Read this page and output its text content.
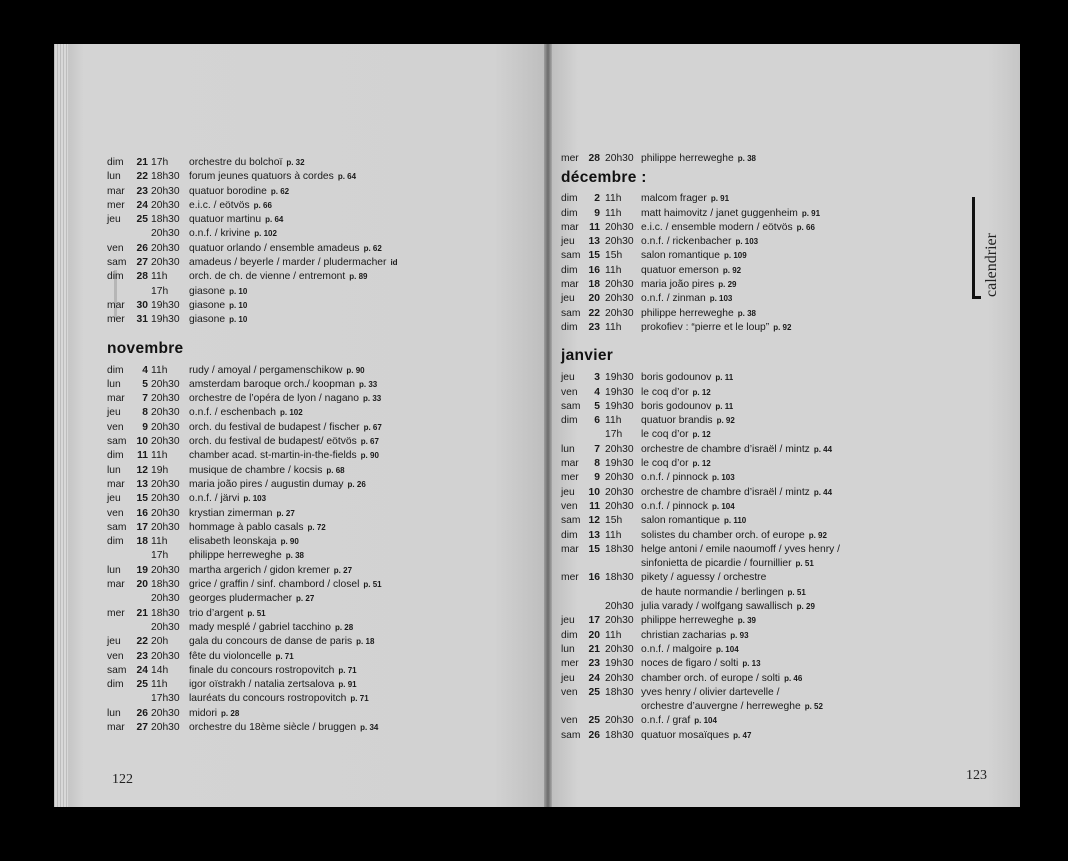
dim	21 17h	orchestre du bolchoï p. 32
lun	22 18h30 forum jeunes quatuors à cordes p. 64
mar	23 20h30 quatuor borodine p. 62
mer	24 20h30 e.i.c. / eötvös p. 66
jeu	25 18h30 quatuor martinu p. 64
20h30 o.n.f. / krivine p. 102
ven	26 20h30 quatuor orlando / ensemble amadeus p. 62
sam 27 20h30 amadeus / beyerle / marder / pludermacher id
dim	28 11h	orch. de ch. de vienne / entremont p. 89
17h	giasone p. 10
mar	30 19h30 giasone p. 10
mer	31 19h30 giasone p. 10
novembre
dim	4 11h	rudy / amoyal / pergamenschikow p. 90
lun	5 20h30 amsterdam baroque orch./ koopman p. 33
mar	7 20h30 orchestre de l’opéra de lyon / nagano p. 33
jeu	8 20h30 o.n.f. / eschenbach p. 102
ven	9 20h30 orch. du festival de budapest / fischer p. 67
sam 10 20h30 orch. du festival de budapest/ eötvös p. 67
dim	11 11h	chamber acad. st-martin-in-the-fields p. 90
lun	12 19h	musique de chambre / kocsis p. 68
mar	13 20h30 maria joão pires / augustin dumay p. 26
jeu	15 20h30 o.n.f. / järvi p. 103
ven	16 20h30 krystian zimerman p. 27
sam 17 20h30 hommage à pablo casals p. 72
dim	18 11h	elisabeth leonskaja p. 90
17h	philippe herreweghe p. 38
lun	19 20h30 martha argerich / gidon kremer p. 27
mar	20 18h30 grice / graffin / sinf. chambord / closel p. 51
20h30 georges pludermacher p. 27
mer	21 18h30 trio d’argent p. 51
20h30 mady mesplé / gabriel tacchino p. 28
jeu	22 20h	gala du concours de danse de paris p. 18
ven	23 20h30 fête du violoncelle p. 71
sam 24 14h	finale du concours rostropovitch p. 71
dim	25 11h	igor oïstrakh / natalia zertsalova p. 91
17h30 lauréats du concours rostropovitch p. 71
lun	26 20h30 midori p. 28
mar	27 20h30 orchestre du 18ème siècle / bruggen p. 34
mer 28 20h30 philippe herreweghe p. 38
décembre :
dim	2 11h	malcom frager p. 91
dim	9 11h	matt haimovitz / janet guggenheim p. 91
mar	11 20h30 e.i.c. / ensemble modern / eötvös p. 66
jeu	13 20h30 o.n.f. / rickenbacher p. 103
sam 15 15h	salon romantique p. 109
dim	16 11h	quatuor emerson p. 92
mar 18 20h30 maria joão pires p. 29
jeu	20 20h30 o.n.f. / zinman p. 103
sam 22 20h30 philippe herreweghe p. 38
dim	23 11h	prokofiev : “pierre et le loup” p. 92
janvier
jeu	3 19h30 boris godounov p. 11
ven	4 19h30 le coq d’or p. 12
sam	5 19h30 boris godounov p. 11
dim	6 11h	quatuor brandis p. 92
17h	le coq d’or p. 12
lun	7 20h30 orchestre de chambre d’israël / mintz p. 44
mar	8 19h30 le coq d’or p. 12
mer	9 20h30 o.n.f. / pinnock p. 103
jeu	10 20h30 orchestre de chambre d’israël / mintz p. 44
ven	11 20h30 o.n.f. / pinnock p. 104
sam 12 15h	salon romantique p. 110
dim	13 11h	solistes du chamber orch. of europe p. 92
mar 15 18h30 helge antoni / emile naoumoff / yves henry /
sinfonietta de picardie / fournillier p. 51
mer 16 18h30 pikety / aguessy / orchestre
de haute normandie / berlingen p. 51
20h30 julia varady / wolfgang sawallisch p. 29
jeu	17 20h30 philippe herreweghe p. 39
dim	20 11h	christian zacharias p. 93
lun	21 20h30 o.n.f. / malgoire p. 104
mer 23 19h30 noces de figaro / solti p. 13
jeu	24 20h30 chamber orch. of europe / solti p. 46
ven	25 18h30 yves henry / olivier dartevelle /
orchestre d’auvergne / herreweghe p. 52
ven	25 20h30 o.n.f. / graf p. 104
sam 26 18h30 quatuor mosaïques p. 47
122	123
calendrier
